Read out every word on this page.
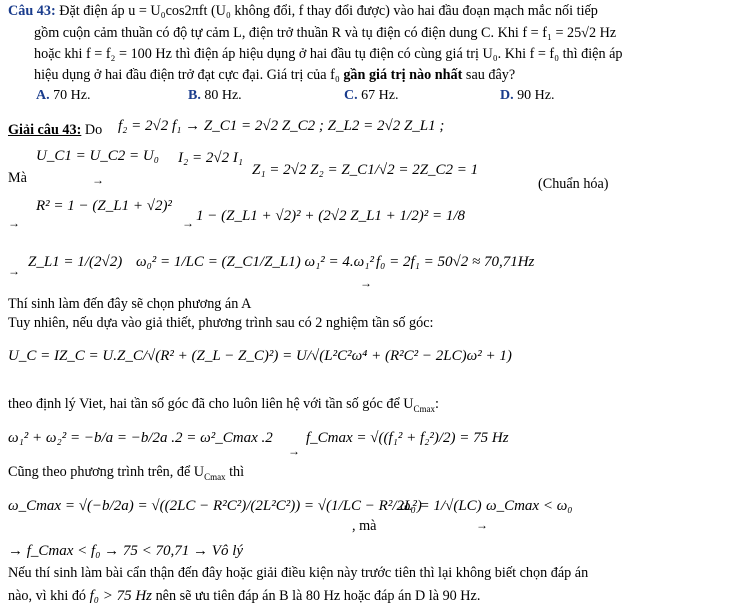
Câu 43: Đặt điện áp u = U₀cos2πft (U₀ không đổi, f thay đổi được) vào hai đầu đoạn mạch mắc nối tiếp
gồm cuộn cảm thuần có độ tự cảm L, điện trở thuần R và tụ điện có điện dung C. Khi f = f₁ = 25√2 Hz
hoặc khi f = f₂ = 100 Hz thì điện áp hiệu dụng ở hai đầu tụ điện có cùng giá trị U₀. Khi f = f₀ thì điện áp
hiệu dụng ở hai đầu điện trở đạt cực đại. Giá trị của f₀ gần giá trị nào nhất sau đây?
A. 70 Hz.	B. 80 Hz.	C. 67 Hz.	D. 90 Hz.
Giải câu 43: Do f₂ = 2√2 f₁ → Z_C1 = 2√2 Z_C2 ; Z_L2 = 2√2 Z_L1 ;
U_C1 = U_C2 = U₀ I₂ = 2√2 I₁
Mà	→
Z₁ = 2√2 Z₂ = Z_C1/√2 = 2Z_C2 = 1
(Chuẩn hóa)
R² = 1 − (Z_L1 + √2)²
→	→ 1 − (Z_L1 + √2)² + (2√2 Z_L1 + 1/2)² = 1/8
→
Z_L1 = 1/(2√2) ω₀² = 1/LC = (Z_C1/Z_L1) ω₁² = 4.ω₁²
→
f₀ = 2f₁ = 50√2 ≈ 70,71Hz
Thí sinh làm đến đây sẽ chọn phương án A
Tuy nhiên, nếu dựa vào giả thiết, phương trình sau có 2 nghiệm tần số góc:
U_C = IZ_C = U.Z_C/√(R² + (Z_L − Z_C)²) = U/√(L²C²ω⁴ + (R²C² − 2LC)ω² + 1)
theo định lý Viet, hai tần số góc đã cho luôn liên hệ với tần số góc để $U_{Cmax}$:
ω₁² + ω₂² = −b/a = −b/2a .2 = ω²_Cmax .2
→
f_Cmax = √((f₁² + f₂²)/2) = 75 Hz
Cũng theo phương trình trên, để $U_{Cmax}$ thì
ω_Cmax = √(−b/2a) = √((2LC − R²C²)/(2L²C²)) = √(1/LC − R²/2L²)
, mà
ω₀ = 1/√(LC) ω_Cmax < ω₀
→
→ f_Cmax < f₀ → 75 < 70,71 → Vô lý
Nếu thí sinh làm bài cẩn thận đến đây hoặc giải điều kiện này trước tiên thì lại không biết chọn đáp án
nào, vì khi đó f₀ > 75 Hz nên sẽ ưu tiên đáp án B là 80 Hz hoặc đáp án D là 90 Hz.
